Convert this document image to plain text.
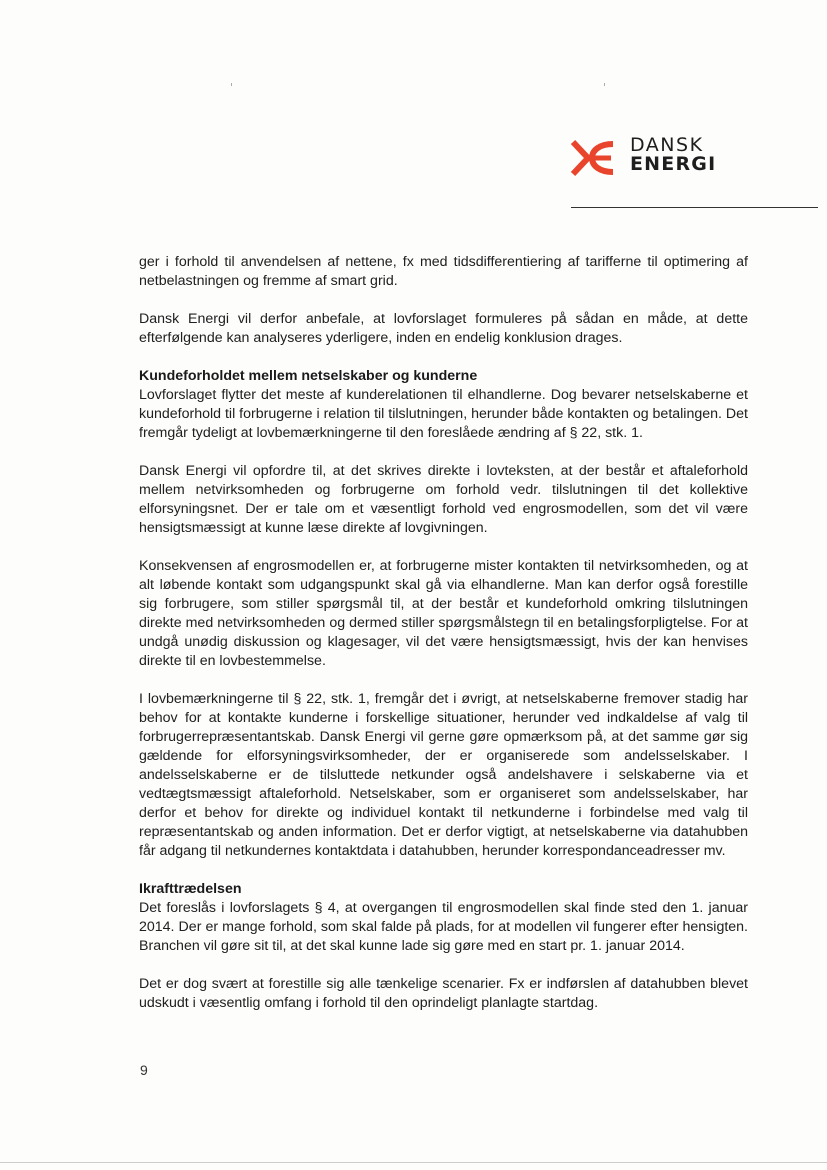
DANSK
ENERGI

ger i forhold til anvendelsen af nettene, fx med tidsdifferentiering af tarifferne til optimering af netbelastningen og fremme af smart grid.

Dansk Energi vil derfor anbefale, at lovforslaget formuleres på sådan en måde, at dette efterfølgende kan analyseres yderligere, inden en endelig konklusion drages.

Kundeforholdet mellem netselskaber og kunderne

Lovforslaget flytter det meste af kunderelationen til elhandlerne. Dog bevarer netselskaberne et kundeforhold til forbrugerne i relation til tilslutningen, herunder både kontakten og betalingen. Det fremgår tydeligt at lovbemærkningerne til den foreslåede ændring af § 22, stk. 1.

Dansk Energi vil opfordre til, at det skrives direkte i lovteksten, at der består et aftaleforhold mellem netvirksomheden og forbrugerne om forhold vedr. tilslutningen til det kollektive elforsyningsnet. Der er tale om et væsentligt forhold ved engrosmodellen, som det vil være hensigtsmæssigt at kunne læse direkte af lovgivningen.

Konsekvensen af engrosmodellen er, at forbrugerne mister kontakten til netvirksomheden, og at alt løbende kontakt som udgangspunkt skal gå via elhandlerne. Man kan derfor også forestille sig forbrugere, som stiller spørgsmål til, at der består et kundeforhold omkring tilslutningen direkte med netvirksomheden og dermed stiller spørgsmålstegn til en betalingsforpligtelse. For at undgå unødig diskussion og klagesager, vil det være hensigtsmæssigt, hvis der kan henvises direkte til en lovbestemmelse.

I lovbemærkningerne til § 22, stk. 1, fremgår det i øvrigt, at netselskaberne fremover stadig har behov for at kontakte kunderne i forskellige situationer, herunder ved indkaldelse af valg til forbrugerrepræsentantskab. Dansk Energi vil gerne gøre opmærksom på, at det samme gør sig gældende for elforsyningsvirksomheder, der er organiserede som andelsselskaber. I andelsselskaberne er de tilsluttede netkunder også andelshavere i selskaberne via et vedtægtsmæssigt aftaleforhold. Netselskaber, som er organiseret som andelsselskaber, har derfor et behov for direkte og individuel kontakt til netkunderne i forbindelse med valg til repræsentantskab og anden information. Det er derfor vigtigt, at netselskaberne via datahubben får adgang til netkundernes kontaktdata i datahubben, herunder korrespondanceadresser mv.

Ikrafttrædelsen

Det foreslås i lovforslagets § 4, at overgangen til engrosmodellen skal finde sted den 1. januar 2014. Der er mange forhold, som skal falde på plads, for at modellen vil fungerer efter hensigten. Branchen vil gøre sit til, at det skal kunne lade sig gøre med en start pr. 1. januar 2014.

Det er dog svært at forestille sig alle tænkelige scenarier. Fx er indførslen af datahubben blevet udskudt i væsentlig omfang i forhold til den oprindeligt planlagte startdag.

9
